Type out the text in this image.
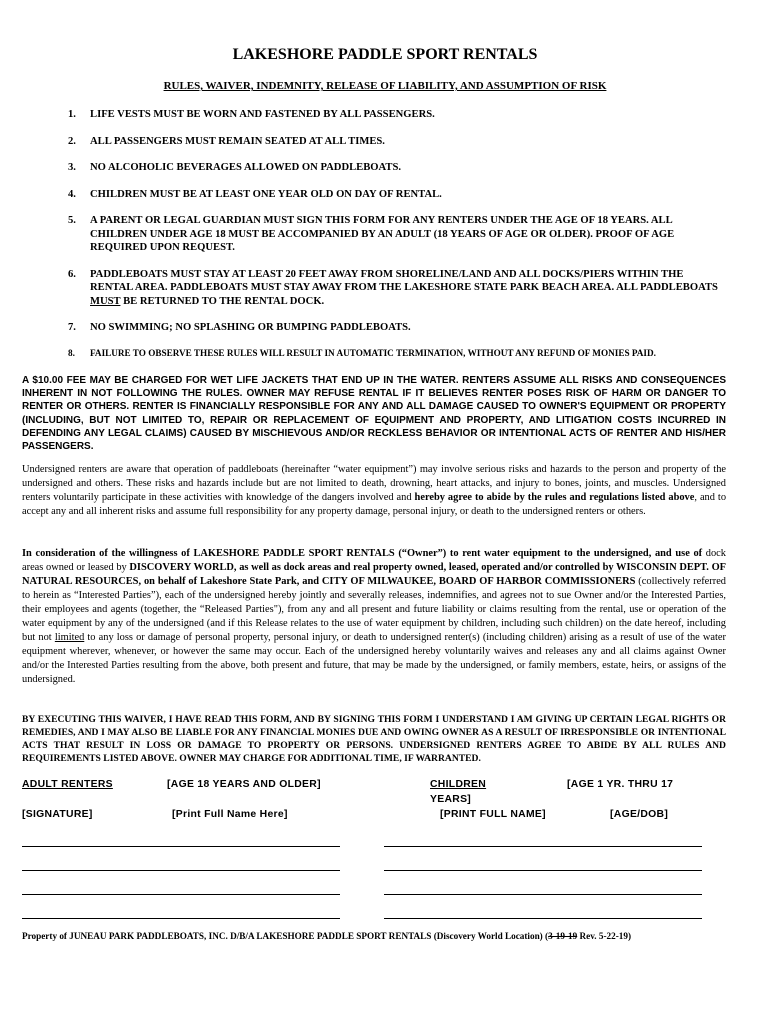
LAKESHORE PADDLE SPORT RENTALS
RULES, WAIVER, INDEMNITY, RELEASE OF LIABILITY, AND ASSUMPTION OF RISK
1.	LIFE VESTS MUST BE WORN AND FASTENED BY ALL PASSENGERS.
2.	ALL PASSENGERS MUST REMAIN SEATED AT ALL TIMES.
3.	NO ALCOHOLIC BEVERAGES ALLOWED ON PADDLEBOATS.
4.	CHILDREN MUST BE AT LEAST ONE YEAR OLD ON DAY OF RENTAL.
5.	A PARENT OR LEGAL GUARDIAN MUST SIGN THIS FORM FOR ANY RENTERS UNDER THE AGE OF 18 YEARS. ALL CHILDREN UNDER AGE 18 MUST BE ACCOMPANIED BY AN ADULT (18 YEARS OF AGE OR OLDER). PROOF OF AGE REQUIRED UPON REQUEST.
6.	PADDLEBOATS MUST STAY AT LEAST 20 FEET AWAY FROM SHORELINE/LAND AND ALL DOCKS/PIERS WITHIN THE RENTAL AREA. PADDLEBOATS MUST STAY AWAY FROM THE LAKESHORE STATE PARK BEACH AREA. ALL PADDLEBOATS MUST BE RETURNED TO THE RENTAL DOCK.
7.	NO SWIMMING; NO SPLASHING OR BUMPING PADDLEBOATS.
8.	FAILURE TO OBSERVE THESE RULES WILL RESULT IN AUTOMATIC TERMINATION, WITHOUT ANY REFUND OF MONIES PAID.
A $10.00 FEE MAY BE CHARGED FOR WET LIFE JACKETS THAT END UP IN THE WATER. RENTERS ASSUME ALL RISKS AND CONSEQUENCES INHERENT IN NOT FOLLOWING THE RULES. OWNER MAY REFUSE RENTAL IF IT BELIEVES RENTER POSES RISK OF HARM OR DANGER TO RENTER OR OTHERS. RENTER IS FINANCIALLY RESPONSIBLE FOR ANY AND ALL DAMAGE CAUSED TO OWNER'S EQUIPMENT OR PROPERTY (INCLUDING, BUT NOT LIMITED TO, REPAIR OR REPLACEMENT OF EQUIPMENT AND PROPERTY, AND LITIGATION COSTS INCURRED IN DEFENDING ANY LEGAL CLAIMS) CAUSED BY MISCHIEVOUS AND/OR RECKLESS BEHAVIOR OR INTENTIONAL ACTS OF RENTER AND HIS/HER PASSENGERS.
Undersigned renters are aware that operation of paddleboats (hereinafter “water equipment”) may involve serious risks and hazards to the person and property of the undersigned and others. These risks and hazards include but are not limited to death, drowning, heart attacks, and injury to bones, joints, and muscles. Undersigned renters voluntarily participate in these activities with knowledge of the dangers involved and hereby agree to abide by the rules and regulations listed above, and to accept any and all inherent risks and assume full responsibility for any property damage, personal injury, or death to the undersigned renters or others.
In consideration of the willingness of LAKESHORE PADDLE SPORT RENTALS (“Owner”) to rent water equipment to the undersigned, and use of dock areas owned or leased by DISCOVERY WORLD, as well as dock areas and real property owned, leased, operated and/or controlled by WISCONSIN DEPT. OF NATURAL RESOURCES, on behalf of Lakeshore State Park, and CITY OF MILWAUKEE, BOARD OF HARBOR COMMISSIONERS (collectively referred to herein as “Interested Parties”), each of the undersigned hereby jointly and severally releases, indemnifies, and agrees not to sue Owner and/or the Interested Parties, their employees and agents (together, the “Released Parties"), from any and all present and future liability or claims resulting from the rental, use or operation of the water equipment by any of the undersigned (and if this Release relates to the use of water equipment by children, including such children) on the date hereof, including but not limited to any loss or damage of personal property, personal injury, or death to undersigned renter(s) (including children) arising as a result of use of the water equipment wherever, whenever, or however the same may occur. Each of the undersigned hereby voluntarily waives and releases any and all claims against Owner and/or the Interested Parties resulting from the above, both present and future, that may be made by the undersigned, or family members, estate, heirs, or assigns of the undersigned.
BY EXECUTING THIS WAIVER, I HAVE READ THIS FORM, AND BY SIGNING THIS FORM I UNDERSTAND I AM GIVING UP CERTAIN LEGAL RIGHTS OR REMEDIES, AND I MAY ALSO BE LIABLE FOR ANY FINANCIAL MONIES DUE AND OWING OWNER AS A RESULT OF IRRESPONSIBLE OR INTENTIONAL ACTS THAT RESULT IN LOSS OR DAMAGE TO PROPERTY OR PERSONS. UNDERSIGNED RENTERS AGREE TO ABIDE BY ALL RULES AND REQUIREMENTS LISTED ABOVE. OWNER MAY CHARGE FOR ADDITIONAL TIME, IF WARRANTED.
ADULT RENTERS	[AGE 18 YEARS AND OLDER]	CHILDREN	[AGE 1 YR. THRU 17
YEARS]
[SIGNATURE]	[Print Full Name Here]	[PRINT FULL NAME]	[AGE/DOB]
Property of JUNEAU PARK PADDLEBOATS, INC. D/B/A LAKESHORE PADDLE SPORT RENTALS (Discovery World Location) (3-19-19 Rev. 5-22-19)
